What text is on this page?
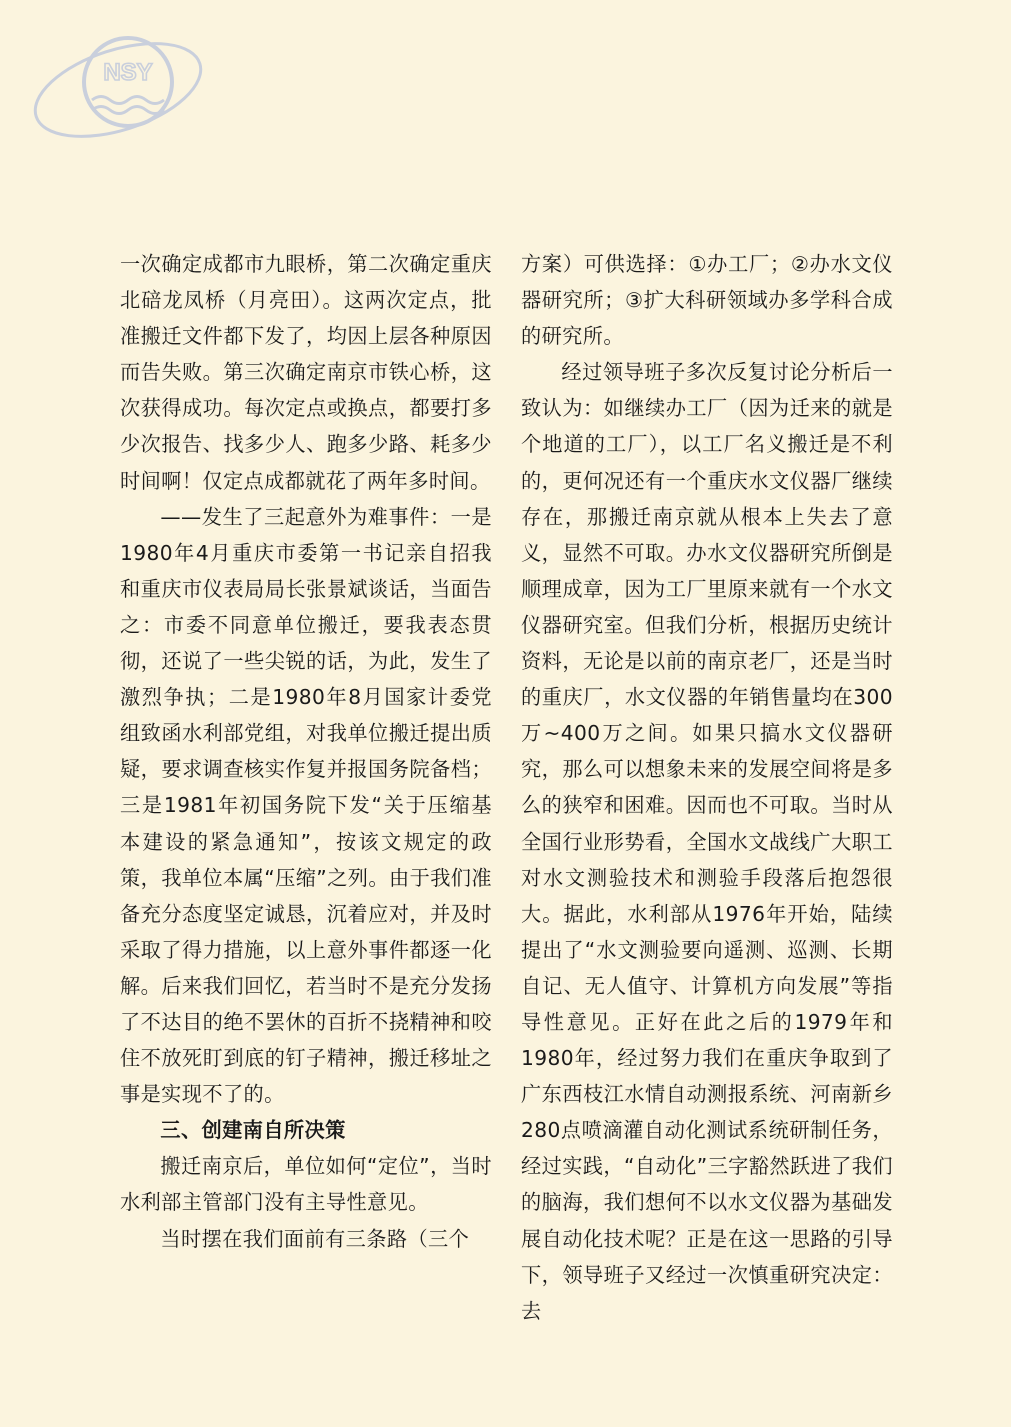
NSY

一次确定成都市九眼桥，第二次确定重庆北碚龙凤桥（月亮田）。这两次定点，批准搬迁文件都下发了，均因上层各种原因而告失败。第三次确定南京市铁心桥，这次获得成功。每次定点或换点，都要打多少次报告、找多少人、跑多少路、耗多少时间啊！仅定点成都就花了两年多时间。

——发生了三起意外为难事件：一是1980年4月重庆市委第一书记亲自招我和重庆市仪表局局长张景斌谈话，当面告之：市委不同意单位搬迁，要我表态贯彻，还说了一些尖锐的话，为此，发生了激烈争执；二是1980年8月国家计委党组致函水利部党组，对我单位搬迁提出质疑，要求调查核实作复并报国务院备档；三是1981年初国务院下发“关于压缩基本建设的紧急通知”，按该文规定的政策，我单位本属“压缩”之列。由于我们准备充分态度坚定诚恳，沉着应对，并及时采取了得力措施，以上意外事件都逐一化解。后来我们回忆，若当时不是充分发扬了不达目的绝不罢休的百折不挠精神和咬住不放死盯到底的钉子精神，搬迁移址之事是实现不了的。

三、创建南自所决策

搬迁南京后，单位如何“定位”，当时水利部主管部门没有主导性意见。

当时摆在我们面前有三条路（三个

方案）可供选择：①办工厂；②办水文仪器研究所；③扩大科研领域办多学科合成的研究所。

经过领导班子多次反复讨论分析后一致认为：如继续办工厂（因为迁来的就是个地道的工厂），以工厂名义搬迁是不利的，更何况还有一个重庆水文仪器厂继续存在，那搬迁南京就从根本上失去了意义，显然不可取。办水文仪器研究所倒是顺理成章，因为工厂里原来就有一个水文仪器研究室。但我们分析，根据历史统计资料，无论是以前的南京老厂，还是当时的重庆厂，水文仪器的年销售量均在300万~400万之间。如果只搞水文仪器研究，那么可以想象未来的发展空间将是多么的狭窄和困难。因而也不可取。当时从全国行业形势看，全国水文战线广大职工对水文测验技术和测验手段落后抱怨很大。据此，水利部从1976年开始，陆续提出了“水文测验要向遥测、巡测、长期自记、无人值守、计算机方向发展”等指导性意见。正好在此之后的1979年和1980年，经过努力我们在重庆争取到了广东西枝江水情自动测报系统、河南新乡280点喷滴灌自动化测试系统研制任务，经过实践，“自动化”三字豁然跃进了我们的脑海，我们想何不以水文仪器为基础发展自动化技术呢？正是在这一思路的引导下，领导班子又经过一次慎重研究决定：去
